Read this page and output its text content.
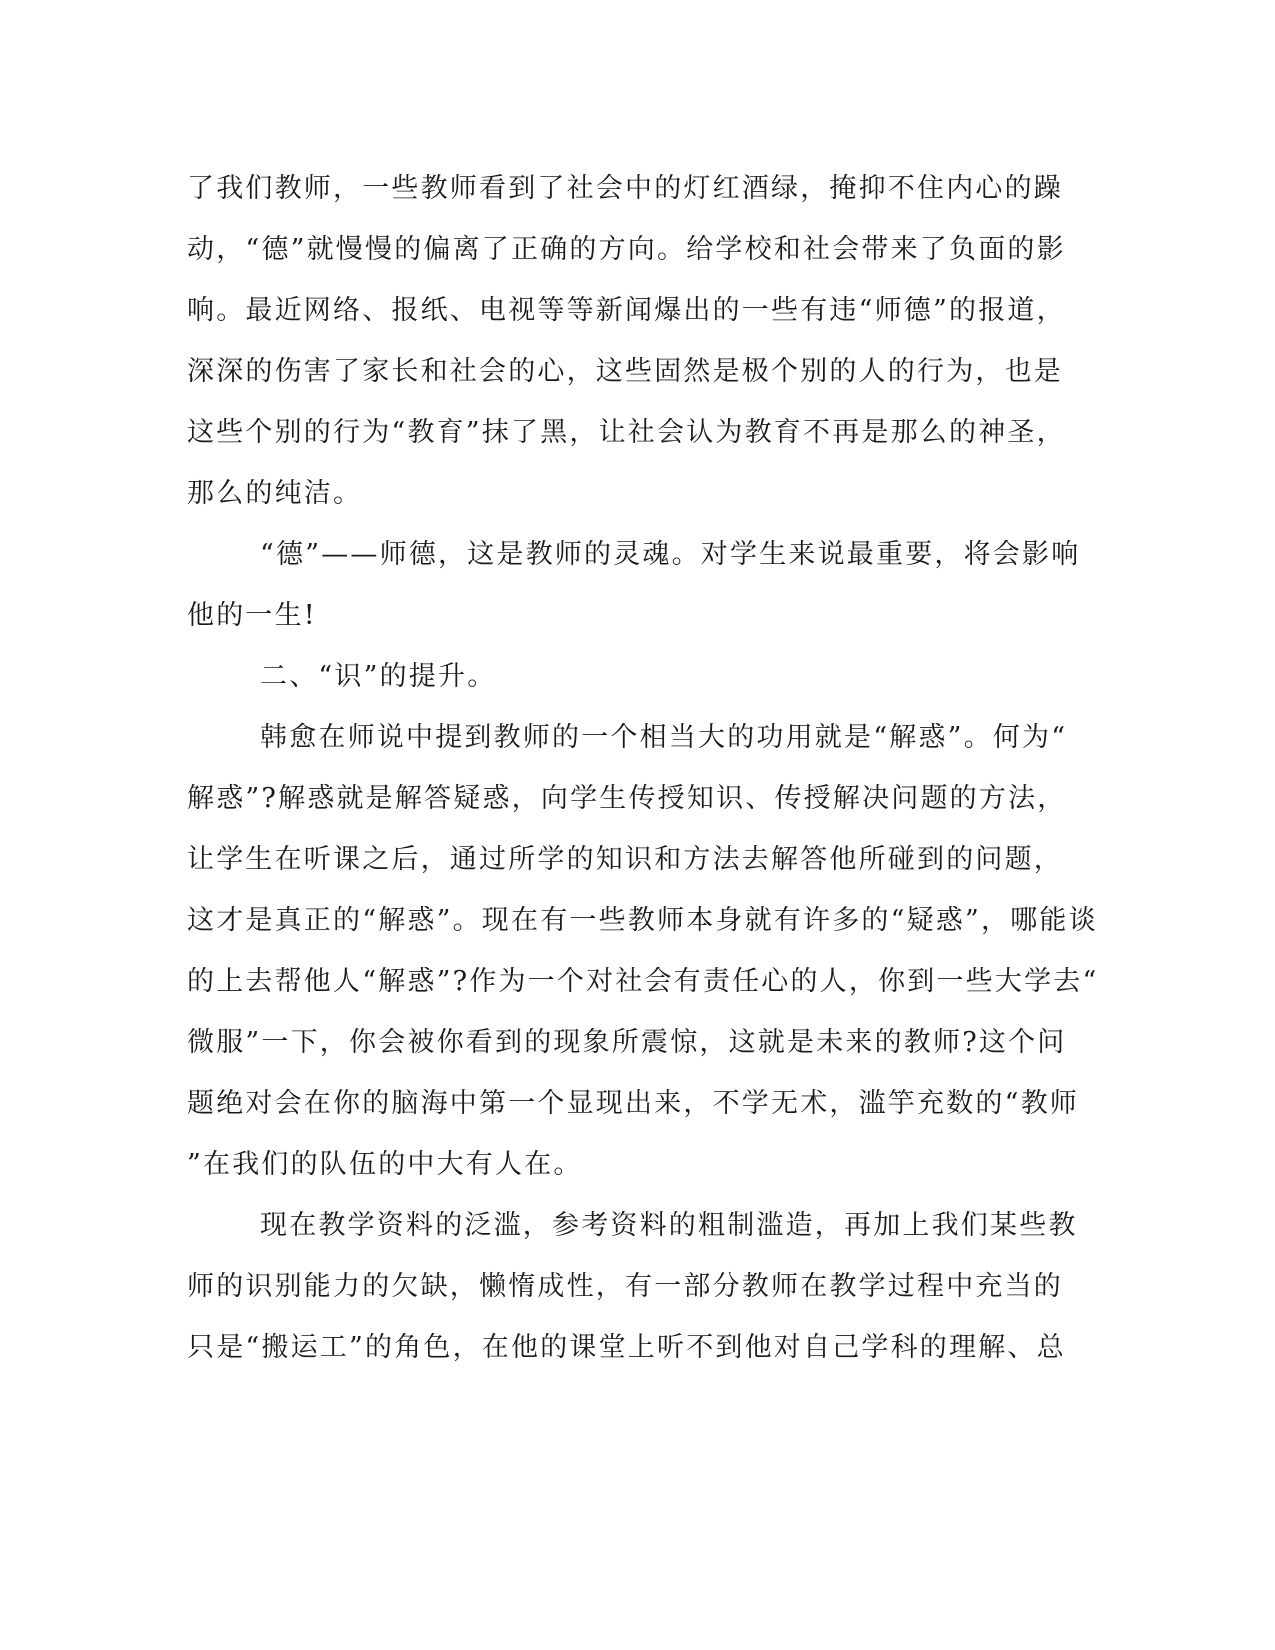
了我们教师，一些教师看到了社会中的灯红酒绿，掩抑不住内心的躁
动，“德”就慢慢的偏离了正确的方向。给学校和社会带来了负面的影
响。最近网络、报纸、电视等等新闻爆出的一些有违“师德”的报道，
深深的伤害了家长和社会的心，这些固然是极个别的人的行为，也是
这些个别的行为“教育”抹了黑，让社会认为教育不再是那么的神圣，
那么的纯洁。
“德”——师德，这是教师的灵魂。对学生来说最重要，将会影响
他的一生!
二、“识”的提升。
韩愈在师说中提到教师的一个相当大的功用就是“解惑”。何为“
解惑”?解惑就是解答疑惑，向学生传授知识、传授解决问题的方法，
让学生在听课之后，通过所学的知识和方法去解答他所碰到的问题，
这才是真正的“解惑”。现在有一些教师本身就有许多的“疑惑”，哪能谈
的上去帮他人“解惑”?作为一个对社会有责任心的人，你到一些大学去“
微服”一下，你会被你看到的现象所震惊，这就是未来的教师?这个问
题绝对会在你的脑海中第一个显现出来，不学无术，滥竽充数的“教师
”在我们的队伍的中大有人在。
现在教学资料的泛滥，参考资料的粗制滥造，再加上我们某些教
师的识别能力的欠缺，懒惰成性，有一部分教师在教学过程中充当的
只是“搬运工”的角色，在他的课堂上听不到他对自己学科的理解、总
